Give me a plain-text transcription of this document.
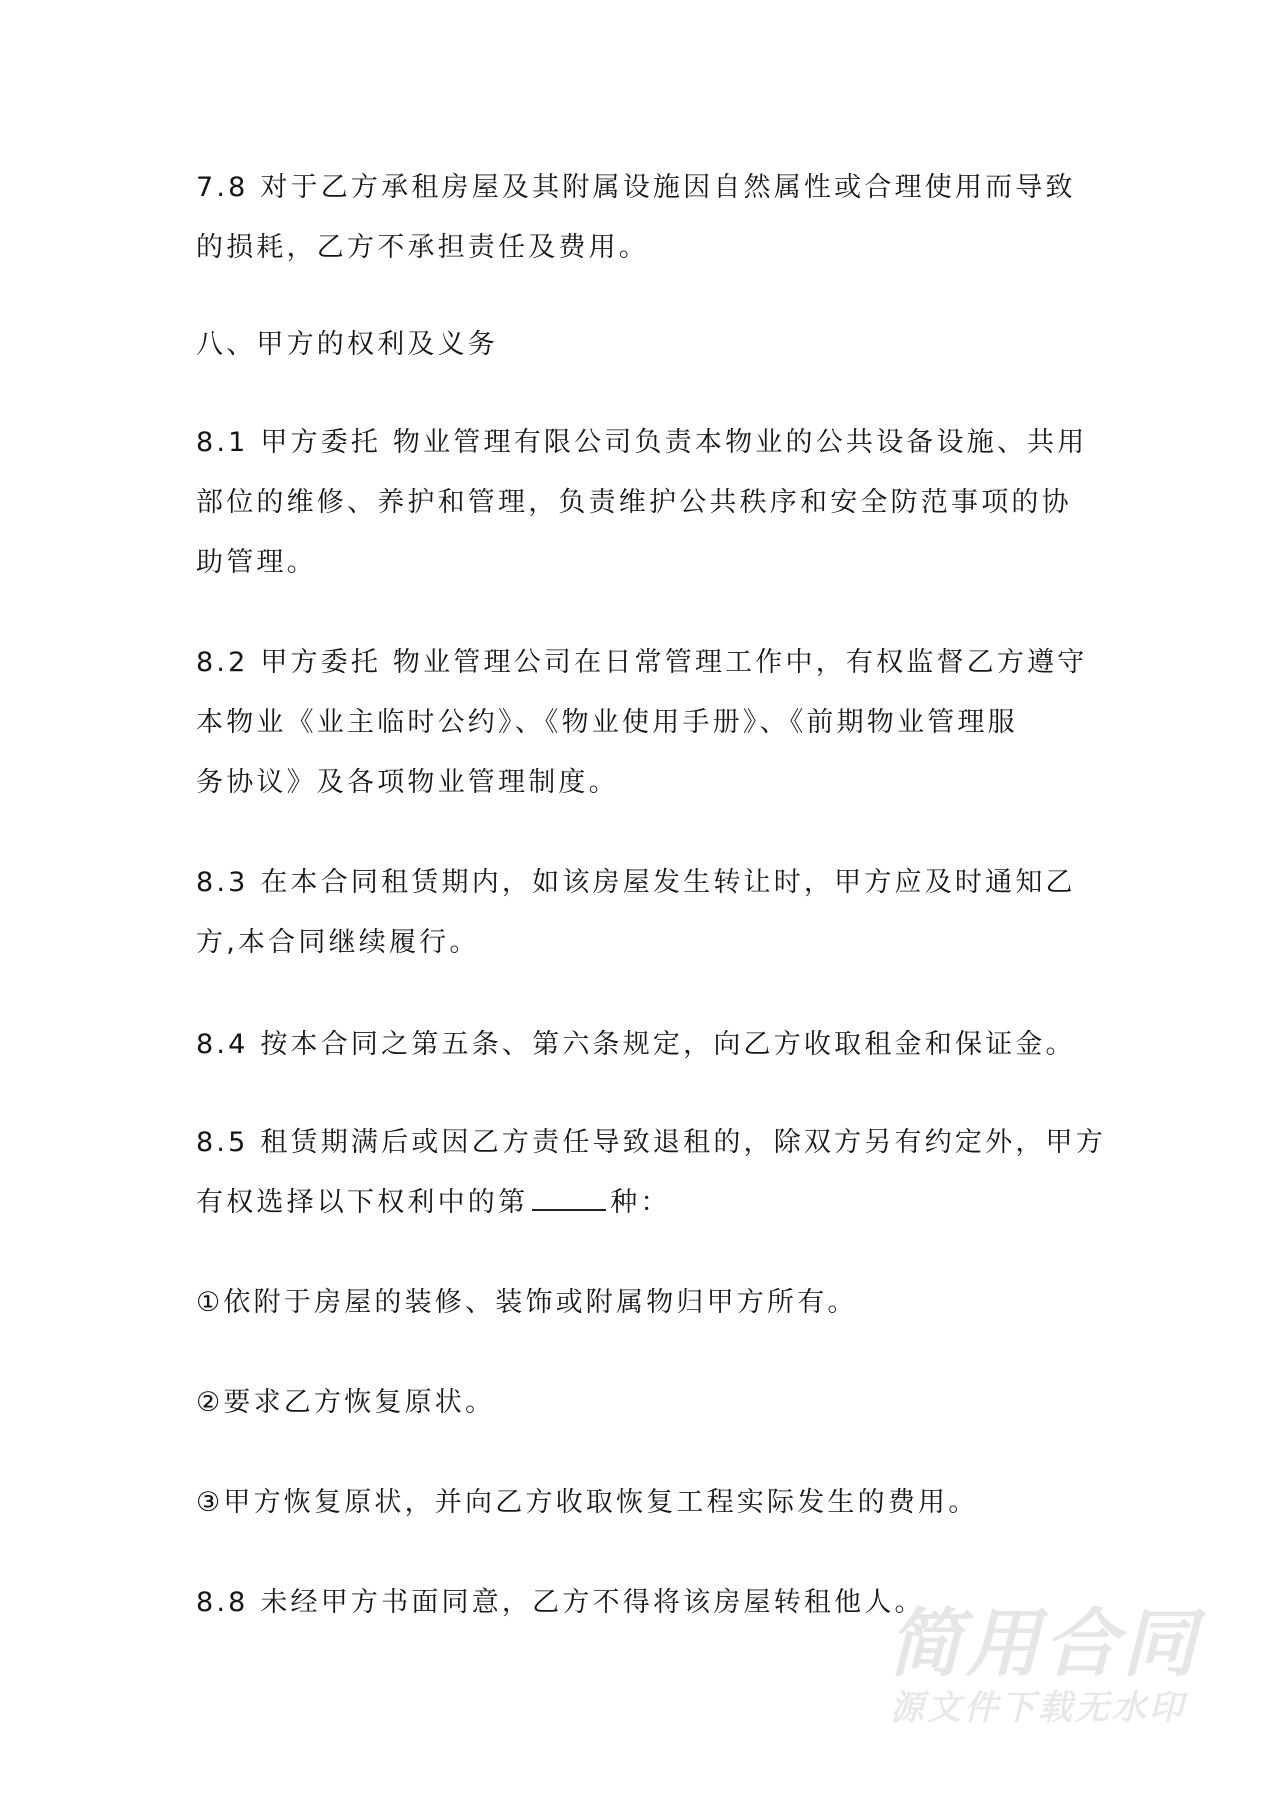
7.8 对于乙方承租房屋及其附属设施因自然属性或合理使用而导致
的损耗，乙方不承担责任及费用。
八、甲方的权利及义务
8.1 甲方委托 物业管理有限公司负责本物业的公共设备设施、共用
部位的维修、养护和管理，负责维护公共秩序和安全防范事项的协
助管理。
8.2 甲方委托 物业管理公司在日常管理工作中，有权监督乙方遵守
本物业《业主临时公约》、《物业使用手册》、《前期物业管理服
务协议》及各项物业管理制度。
8.3 在本合同租赁期内，如该房屋发生转让时，甲方应及时通知乙
方,本合同继续履行。
8.4 按本合同之第五条、第六条规定，向乙方收取租金和保证金。
8.5 租赁期满后或因乙方责任导致退租的，除双方另有约定外，甲方
有权选择以下权利中的第	种：
①依附于房屋的装修、装饰或附属物归甲方所有。
②要求乙方恢复原状。
③甲方恢复原状，并向乙方收取恢复工程实际发生的费用。
8.8 未经甲方书面同意，乙方不得将该房屋转租他人。
简用合同
源文件下载无水印
